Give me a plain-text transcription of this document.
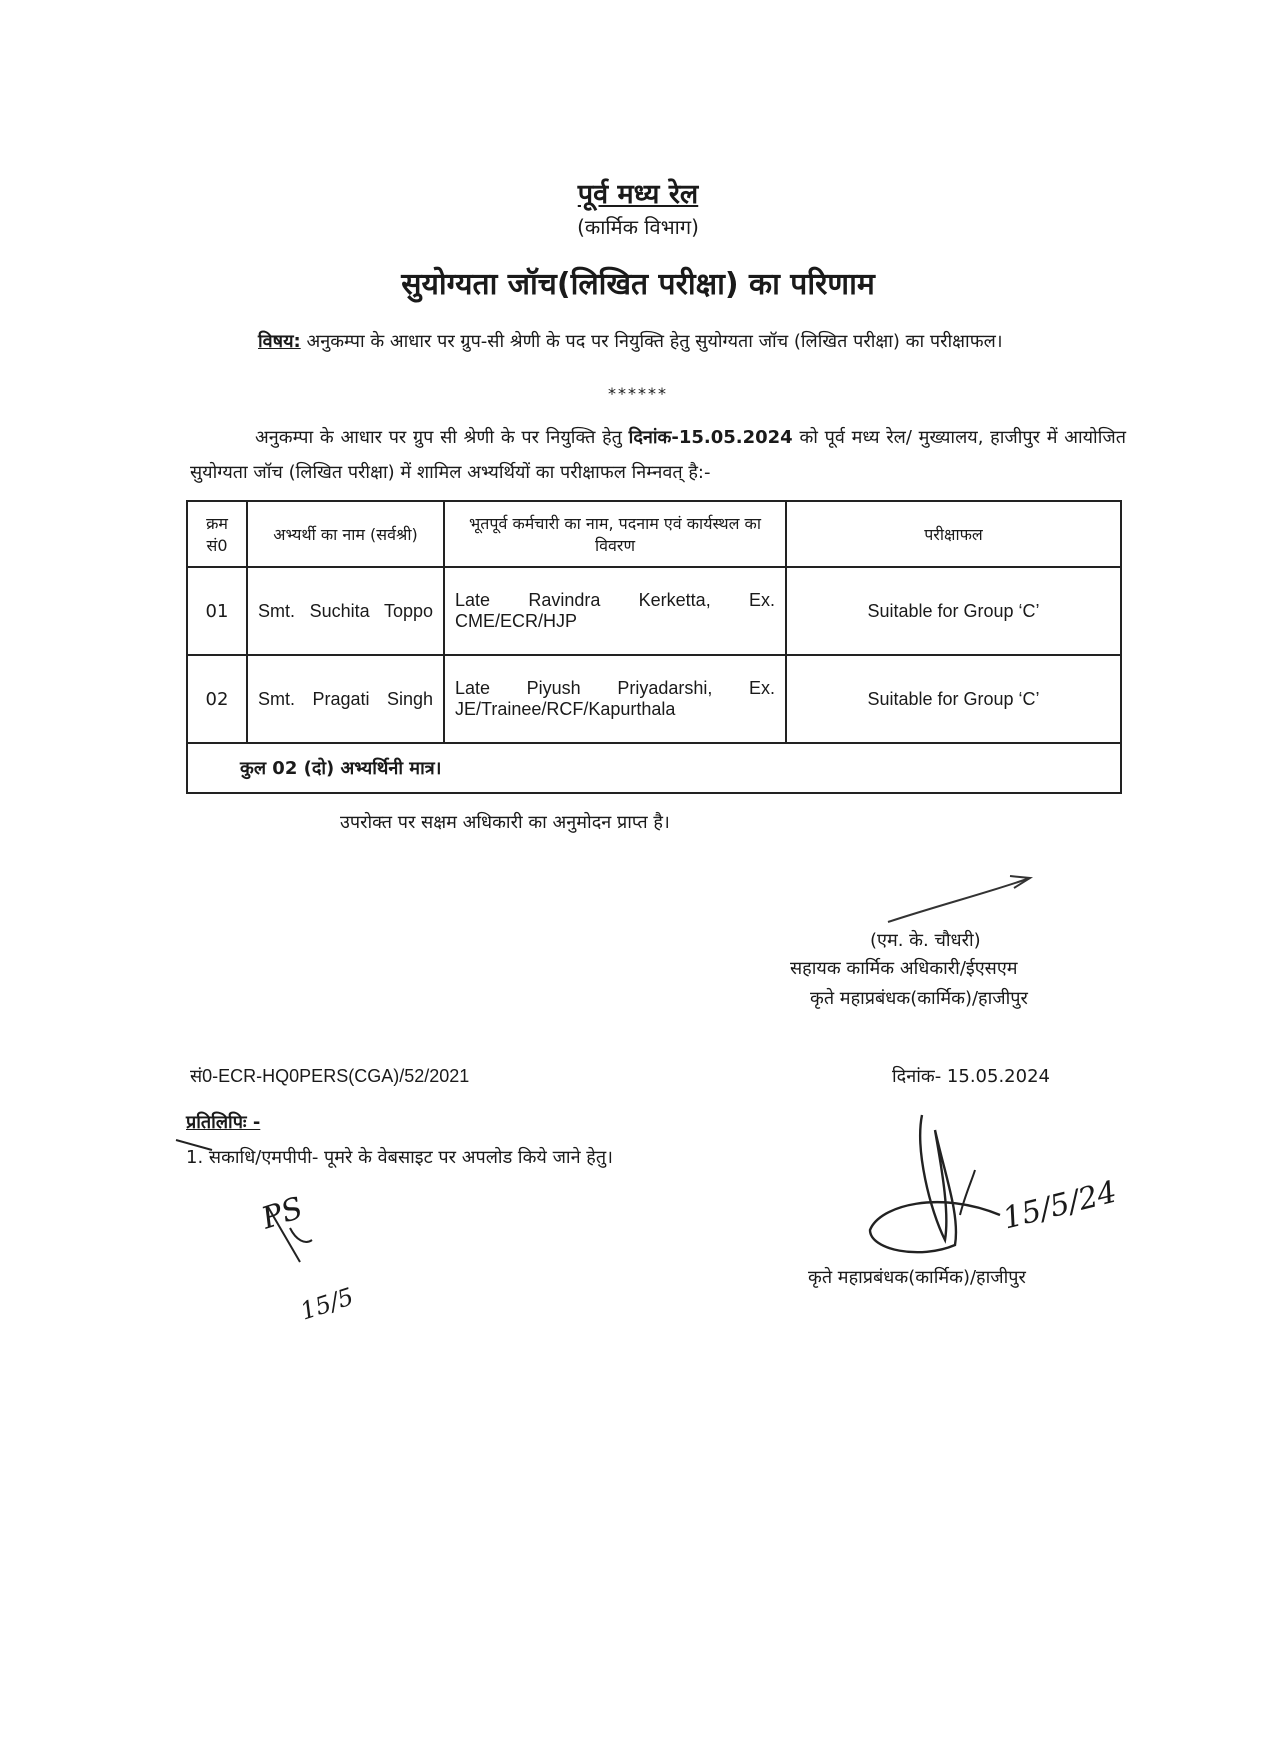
पूर्व मध्य रेल
(कार्मिक विभाग)
सुयोग्यता जॉच(लिखित परीक्षा) का परिणाम
विषय: अनुकम्पा के आधार पर ग्रुप-सी श्रेणी के पद पर नियुक्ति हेतु सुयोग्यता जॉच (लिखित परीक्षा) का परीक्षाफल।
******
अनुकम्पा के आधार पर ग्रुप सी श्रेणी के पर नियुक्ति हेतु दिनांक-15.05.2024 को पूर्व मध्य रेल/ मुख्यालय, हाजीपुर में आयोजित सुयोग्यता जॉच (लिखित परीक्षा) में शामिल अभ्यर्थियों का परीक्षाफल निम्नवत् है:-
क्रम सं0	अभ्यर्थी का नाम (सर्वश्री)	भूतपूर्व कर्मचारी का नाम, पदनाम एवं कार्यस्थल का विवरण	परीक्षाफल
01	Smt. Suchita Toppo	Late Ravindra Kerketta, Ex. CME/ECR/HJP	Suitable for Group ‘C’
02	Smt. Pragati Singh	Late Piyush Priyadarshi, Ex. JE/Trainee/RCF/Kapurthala	Suitable for Group ‘C’
कुल 02 (दो) अभ्यर्थिनी मात्र।			
उपरोक्त पर सक्षम अधिकारी का अनुमोदन प्राप्त है।
(एम. के. चौधरी)
सहायक कार्मिक अधिकारी/ईएसएम
कृते महाप्रबंधक(कार्मिक)/हाजीपुर
सं0-ECR-HQ0PERS(CGA)/52/2021	दिनांक- 15.05.2024
प्रतिलिपिः -
1. सकाधि/एमपीपी- पूमरे के वेबसाइट पर अपलोड किये जाने हेतु।
15/5/24
PS
15/5
कृते महाप्रबंधक(कार्मिक)/हाजीपुर
